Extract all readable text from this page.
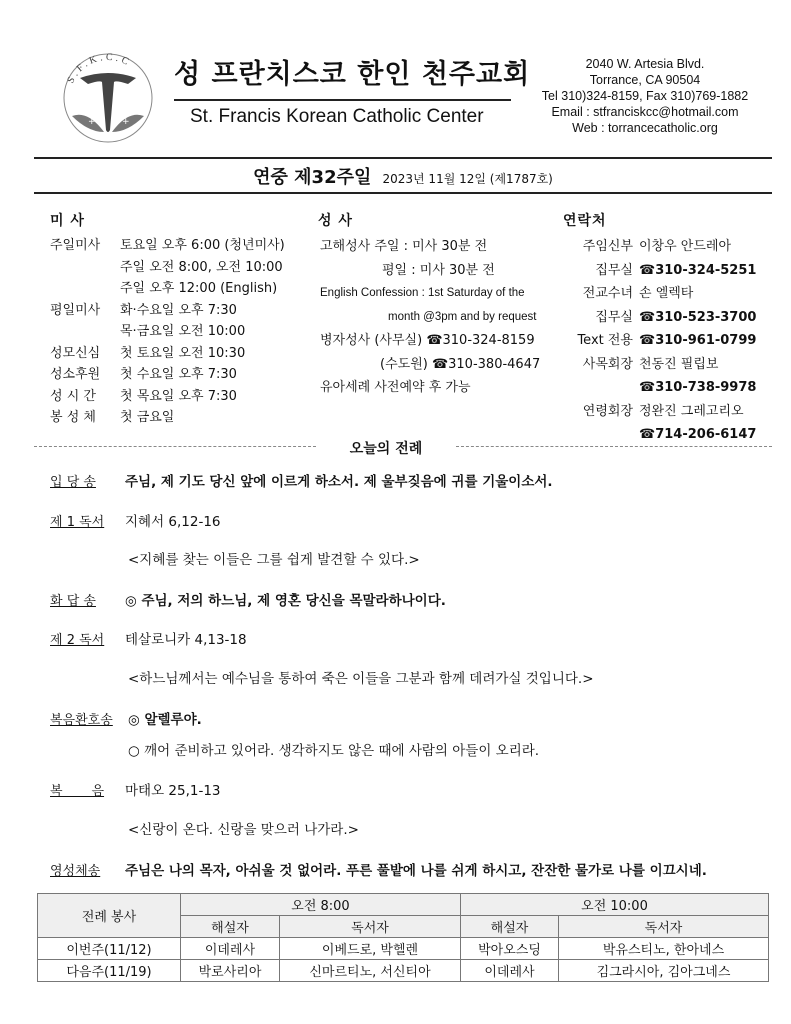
S.F.K.C.C
+	+
성 프란치스코 한인 천주교회
St. Francis Korean Catholic Center
2040 W. Artesia Blvd.
Torrance, CA 90504
Tel 310)324-8159, Fax 310)769-1882
Email : stfranciskcc@hotmail.com
Web : torrancecatholic.org
연중 제32주일 2023년 11월 12일 (제1787호)
미 사
주일미사 토요일 오후 6:00 (청년미사)
주일 오전 8:00, 오전 10:00
주일 오후 12:00 (English)
평일미사 화·수요일 오후 7:30
목·금요일 오전 10:00
성모신심 첫 토요일 오전 10:30
성소후원 첫 수요일 오후 7:30
성 시 간 첫 목요일 오후 7:30
봉 성 체 첫 금요일
성 사
고해성사 주일 : 미사 30분 전
평일 : 미사 30분 전
English Confession : 1st Saturday of the
month @3pm and by request
병자성사 (사무실) ☎310-324-8159
(수도원) ☎310-380-4647
유아세례 사전예약 후 가능
연락처
주임신부 이창우 안드레아
집무실 ☎310-324-5251
전교수녀 손 엘렉타
집무실 ☎310-523-3700
Text 전용 ☎310-961-0799
사목회장 천동진 필립보
☎310-738-9978
연령회장 정완진 그레고리오
☎714-206-6147
오늘의 전례
입 당 송 주님, 제 기도 당신 앞에 이르게 하소서. 제 울부짖음에 귀를 기울이소서.
제 1 독서 지혜서 6,12-16
<지혜를 찾는 이들은 그를 쉽게 발견할 수 있다.>
화 답 송 ◎ 주님, 저의 하느님, 제 영혼 당신을 목말라하나이다.
제 2 독서 테살로니카 4,13-18
<하느님께서는 예수님을 통하여 죽은 이들을 그분과 함께 데려가실 것입니다.>
복음환호송 ◎ 알렐루야.
○ 깨어 준비하고 있어라. 생각하지도 않은 때에 사람의 아들이 오리라.
복       음 마태오 25,1-13
<신랑이 온다. 신랑을 맞으러 나가라.>
영성체송 주님은 나의 목자, 아쉬울 것 없어라. 푸른 풀밭에 나를 쉬게 하시고, 잔잔한 물가로 나를 이끄시네.
전례 봉사	오전 8:00		오전 10:00	
	해설자	독서자	해설자	독서자
이번주(11/12)	이데레사	이베드로, 박헬렌	박아오스딩	박유스티노, 한아네스
다음주(11/19)	박로사리아	신마르티노, 서신티아	이데레사	김그라시아, 김아그네스
